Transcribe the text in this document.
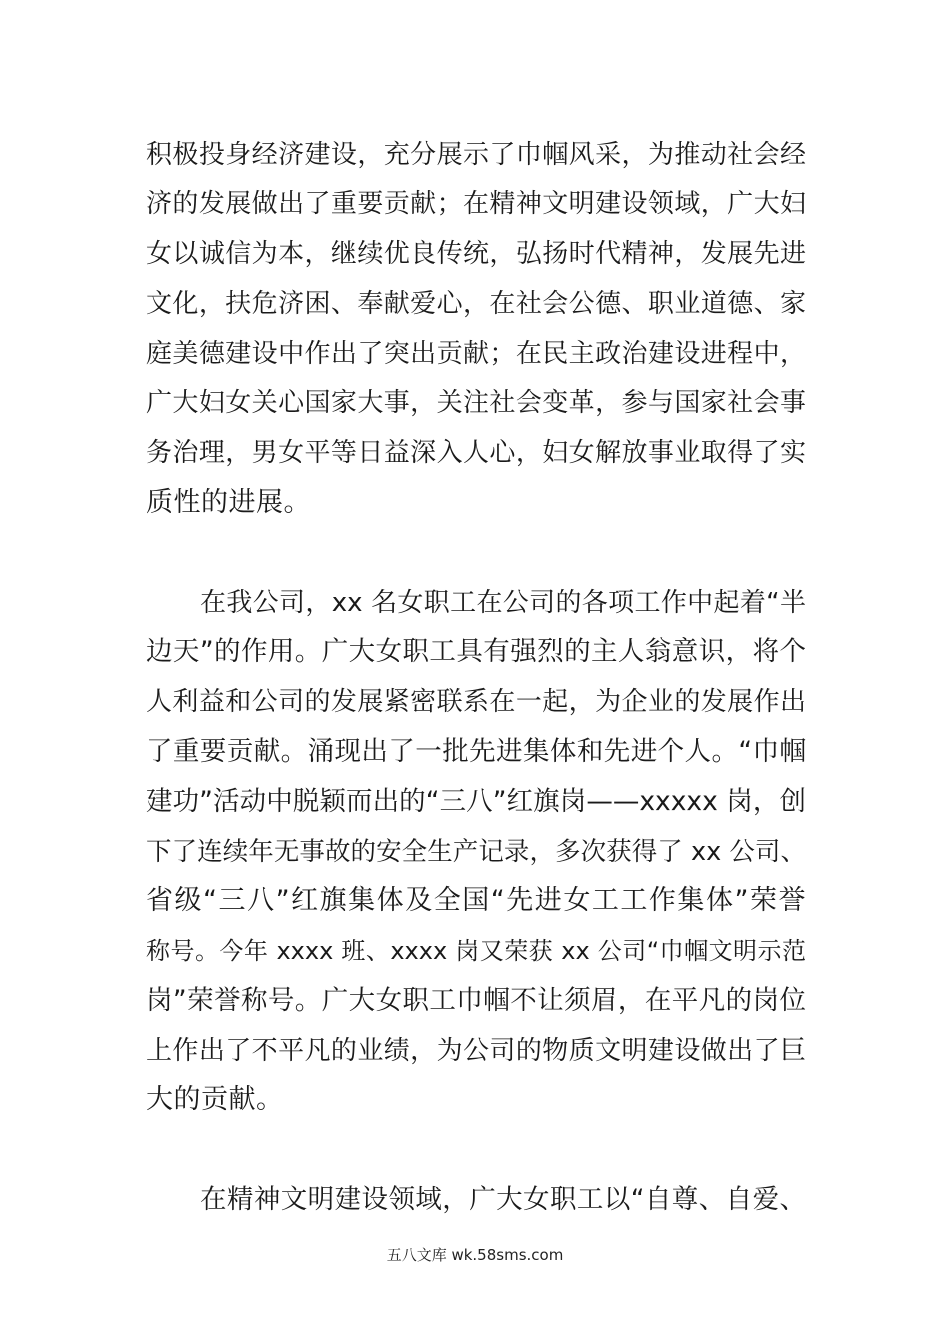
积极投身经济建设，充分展示了巾帼风采，为推动社会经
济的发展做出了重要贡献；在精神文明建设领域，广大妇
女以诚信为本，继续优良传统，弘扬时代精神，发展先进
文化，扶危济困、奉献爱心，在社会公德、职业道德、家
庭美德建设中作出了突出贡献；在民主政治建设进程中，
广大妇女关心国家大事，关注社会变革，参与国家社会事
务治理，男女平等日益深入人心，妇女解放事业取得了实
质性的进展。
在我公司，xx 名女职工在公司的各项工作中起着“半
边天”的作用。广大女职工具有强烈的主人翁意识，将个
人利益和公司的发展紧密联系在一起，为企业的发展作出
了重要贡献。涌现出了一批先进集体和先进个人。“巾帼
建功”活动中脱颖而出的“三八”红旗岗——xxxxx 岗，创
下了连续年无事故的安全生产记录，多次获得了 xx 公司、
省级“三八”红旗集体及全国“先进女工工作集体”荣誉
称号。今年 xxxx 班、xxxx 岗又荣获 xx 公司“巾帼文明示范
岗”荣誉称号。广大女职工巾帼不让须眉，在平凡的岗位
上作出了不平凡的业绩，为公司的物质文明建设做出了巨
大的贡献。
在精神文明建设领域，广大女职工以“自尊、自爱、
五八文库 wk.58sms.com
